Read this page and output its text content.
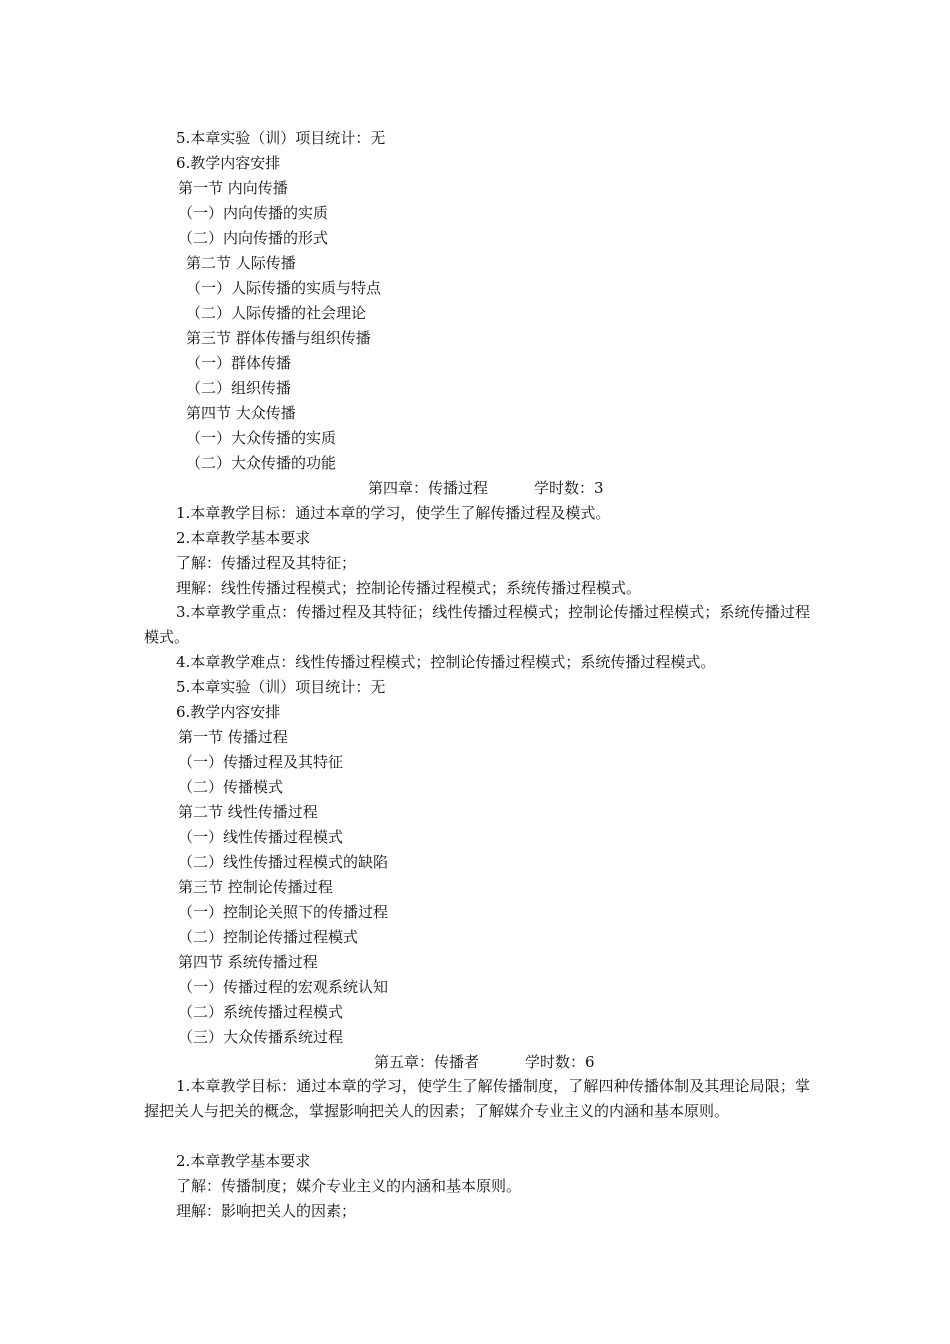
5.本章实验（训）项目统计：无
6.教学内容安排
第一节 内向传播
（一）内向传播的实质
（二）内向传播的形式
第二节 人际传播
（一）人际传播的实质与特点
（二）人际传播的社会理论
第三节 群体传播与组织传播
（一）群体传播
（二）组织传播
第四节 大众传播
（一）大众传播的实质
（二）大众传播的功能
第四章：传播过程	学时数：3
1.本章教学目标：通过本章的学习，使学生了解传播过程及模式。
2.本章教学基本要求
了解：传播过程及其特征；
理解：线性传播过程模式；控制论传播过程模式；系统传播过程模式。
3.本章教学重点：传播过程及其特征；线性传播过程模式；控制论传播过程模式；系统传播过程模式。
4.本章教学难点：线性传播过程模式；控制论传播过程模式；系统传播过程模式。
5.本章实验（训）项目统计：无
6.教学内容安排
第一节 传播过程
（一）传播过程及其特征
（二）传播模式
第二节 线性传播过程
（一）线性传播过程模式
（二）线性传播过程模式的缺陷
第三节 控制论传播过程
（一）控制论关照下的传播过程
（二）控制论传播过程模式
第四节 系统传播过程
（一）传播过程的宏观系统认知
（二）系统传播过程模式
（三）大众传播系统过程
第五章：传播者	学时数：6
1.本章教学目标：通过本章的学习，使学生了解传播制度，了解四种传播体制及其理论局限；掌握把关人与把关的概念，掌握影响把关人的因素；了解媒介专业主义的内涵和基本原则。
2.本章教学基本要求
了解：传播制度；媒介专业主义的内涵和基本原则。
理解：影响把关人的因素；
